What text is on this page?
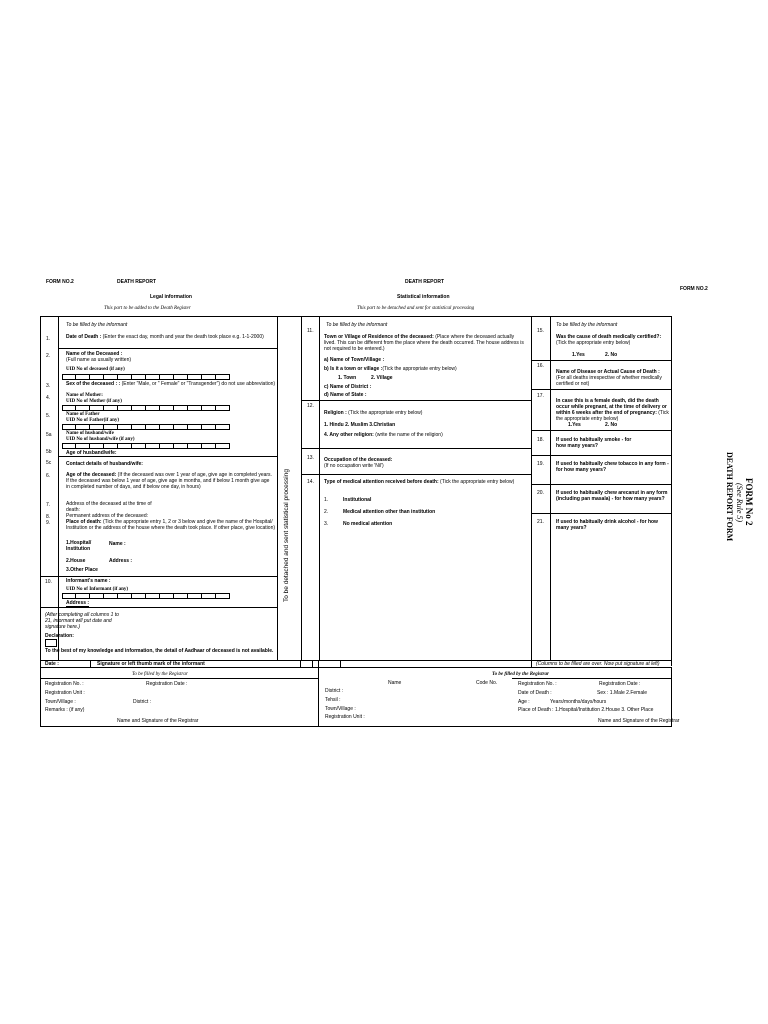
FORM NO.2	DEATH REPORT
Legal information
This part to be added to the Death Register
DEATH REPORT
Statistical information
This part to be detached and sent for statistical processing
FORM NO.2
To be detached and sent statistical processing	FORM No 2
(See Rule 5)
DEATH REPORT FORM
To be filled by the informant
1.	Date of Death : (Enter the exact day, month and year the death took place e.g. 1-1-2000)
2.	Name of the Deceased :
(Full name as usually written)
UID No of deceased (if any)
3.	Sex of the deceased : : (Enter "Male, or " Female" or "Transgender") do not use abbreviation)
4.	Name of Mother:
UID No of Mother (if any)
5.	Name of Father
UID No of Father(if any)
5a	Name of husband/wife
UID No of husband/wife (if any)
5b	Age of husband/wife:
5c	Contact details of husband/wife:
6.	Age of the deceased: (If the deceased was over 1 year of age, give age in completed years. If the deceased was below 1 year of age, give age in months, and if below 1 month give age in completed number of days, and if below one day, in hours)
7.	Address of the deceased at the time of death:
8.	Permanent address of the deceased:
9.	Place of death: (Tick the appropriate entry 1, 2 or 3 below and give the name of the Hospital/ Institution or the address of the house where the death took place. If other place, give location)
1.Hospital/ Institution
Name :
2.House	Address :
3.Other Place
10.	Informant's name :
UID No of Informant (if any)
Address :
(After completing all columns 1 to 21, informant will put date and signature here.)
Declaration:
To the best of my knowledge and information, the detail of Aadhaar of deceased is not available.
To be filled by the informant
11.
Town or Village of Residence of the deceased: (Place where the deceased actually lived. This can be different from the place where the death occurred. The house address is not required to be entered.)
a) Name of Town/Village :
b) Is it a town or village :(Tick the appropriate entry below)
1. Town	2. Village
c) Name of District :
d) Name of State :
12.
Religion : (Tick the appropriate entry below)
1. Hindu 2. Muslim 3.Christian
4. Any other religion: (write the name of the religion)
13. Occupation of the deceased:
(If no occupation write 'Nil')
14. Type of medical attention received before death: (Tick the appropriate entry below)
1.	Institutional
2.	Medical attention other than institution
3.	No medical attention
To be filled by the informant
15.
Was the cause of death medically certified?: (Tick the appropriate entry below)
1.Yes	2. No
16.
Name of Disease or Actual Cause of Death : (For all deaths irrespective of whether medically certified or not)
17.
In case this is a female death, did the death occur while pregnant, at the time of delivery or within 6 weeks after the end of pregnancy: (Tick the appropriate entry below)
1.Yes	2. No
18. If used to habitually smoke - for how many years?
19. If used to habitually chew tobacco in any form - for how many years?
20. If used to habitually chew arecanut in any form (including pan masala) - for how many years?
21. If used to habitually drink alcohol - for how many years?
Date :	Signature or left thumb mark of the informant	(Columns to be filled are over. Now put signature at left)
To be filled by the Registrar
Registration No. :	Registration Date :
Registration Unit :
Town/Village :	District :
Remarks : (if any)
Name and Signature of the Registrar
Name	Code No.
District :
Tehsil :
Town/Village :
Registration Unit :
To be filled by the Registrar
Registration No. :	Registration Date :
Date of Death :	Sex : 1.Male 2.Female
Age :	Years/months/days/hours
Place of Death : 1.Hospital/Institution 2.House 3. Other Place
Name and Signature of the Registrar
